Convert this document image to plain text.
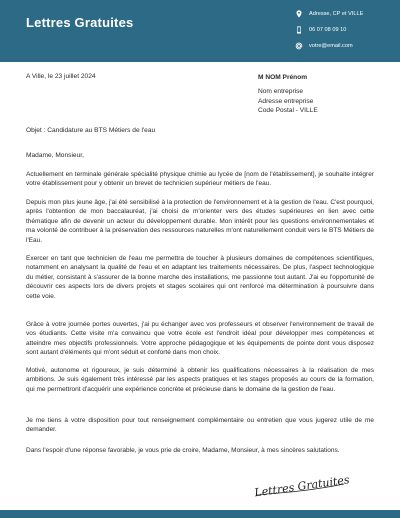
Lettres Gratuites
Adresse, CP et VILLE
06 07 08 09 10
votre@email.com
A Ville, le 23 juillet 2024	M NOM Prénom
Nom entreprise
Adresse entreprise
Code Postal - VILLE
Objet : Candidature au BTS Métiers de l'eau
Madame, Monsieur,

Actuellement en terminale générale spécialité physique chimie au lycée de [nom de l'établissement], je souhaite intégrer votre établissement pour y obtenir un brevet de technicien supérieur métiers de l'eau.

Depuis mon plus jeune âge, j'ai été sensibilisé à la protection de l'environnement et à la gestion de l'eau. C'est pourquoi, après l'obtention de mon baccalauréat, j'ai choisi de m'orienter vers des études supérieures en lien avec cette thématique afin de devenir un acteur du développement durable. Mon intérêt pour les questions environnementales et ma volonté de contribuer à la préservation des ressources naturelles m'ont naturellement conduit vers le BTS Métiers de l'Eau.

Exercer en tant que technicien de l'eau me permettra de toucher à plusieurs domaines de compétences scientifiques, notamment en analysant la qualité de l'eau et en adaptant les traitements nécessaires. De plus, l'aspect technologique du métier, consistant à s'assurer de la bonne marche des installations, me passionne tout autant. J'ai eu l'opportunité de découvrir ces aspects lors de divers projets et stages scolaires qui ont renforcé ma détermination à poursuivre dans cette voie.

Grâce à votre journée portes ouvertes, j'ai pu échanger avec vos professeurs et observer l'environnement de travail de vos étudiants. Cette visite m'a convaincu que votre école est l'endroit idéal pour développer mes compétences et atteindre mes objectifs professionnels. Votre approche pédagogique et les équipements de pointe dont vous disposez sont autant d'éléments qui m'ont séduit et conforté dans mon choix.

Motivé, autonome et rigoureux, je suis déterminé à obtenir les qualifications nécessaires à la réalisation de mes ambitions. Je suis également très intéressé par les aspects pratiques et les stages proposés au cours de la formation, qui me permettront d'acquérir une expérience concrète et précieuse dans le domaine de la gestion de l'eau.

Je me tiens à votre disposition pour tout renseignement complémentaire ou entretien que vous jugerez utile de me demander.

Dans l'espoir d'une réponse favorable, je vous prie de croire, Madame, Monsieur, à mes sincères salutations.

Lettres Gratuites
